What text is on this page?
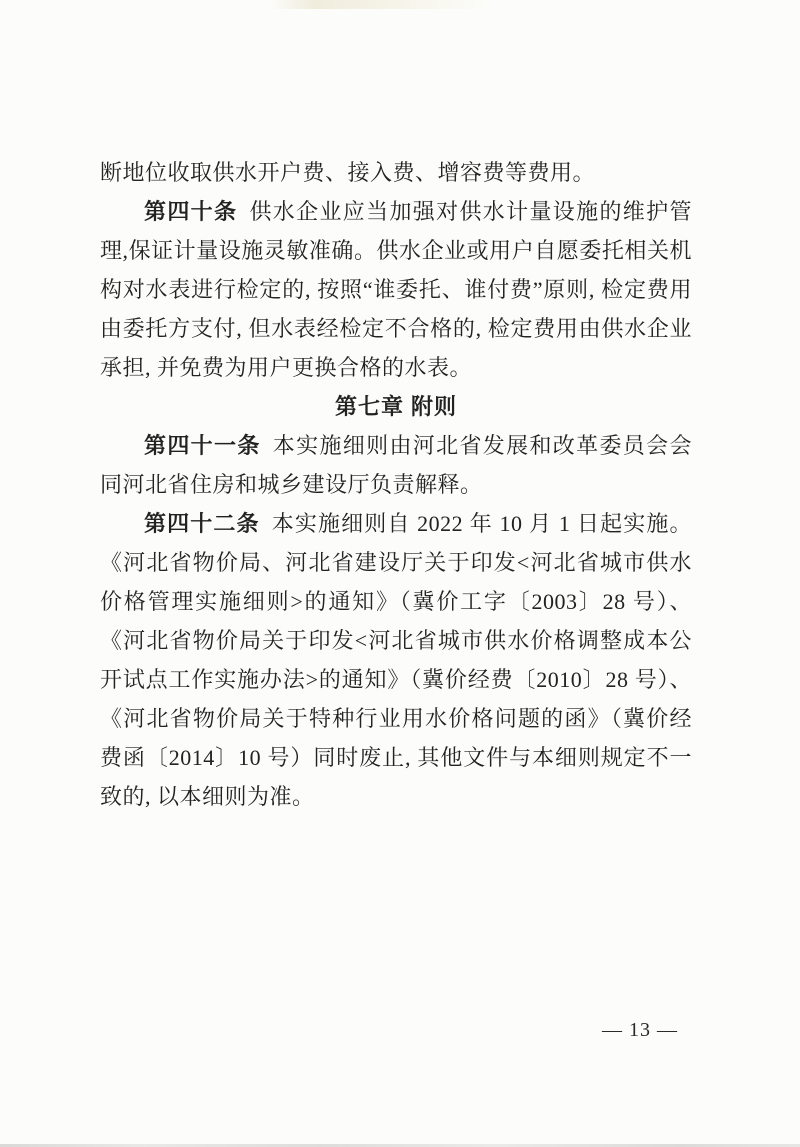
断地位收取供水开户费、接入费、增容费等费用。

第四十条 供水企业应当加强对供水计量设施的维护管理,保证计量设施灵敏准确。供水企业或用户自愿委托相关机构对水表进行检定的, 按照“谁委托、谁付费”原则, 检定费用由委托方支付, 但水表经检定不合格的, 检定费用由供水企业承担, 并免费为用户更换合格的水表。

第七章 附则

第四十一条 本实施细则由河北省发展和改革委员会会同河北省住房和城乡建设厅负责解释。

第四十二条 本实施细则自 2022 年 10 月 1 日起实施。《河北省物价局、河北省建设厅关于印发<河北省城市供水价格管理实施细则>的通知》（冀价工字〔2003〕28 号）、《河北省物价局关于印发<河北省城市供水价格调整成本公开试点工作实施办法>的通知》（冀价经费〔2010〕28 号）、《河北省物价局关于特种行业用水价格问题的函》（冀价经费函〔2014〕10 号）同时废止, 其他文件与本细则规定不一致的, 以本细则为准。

— 13 —
